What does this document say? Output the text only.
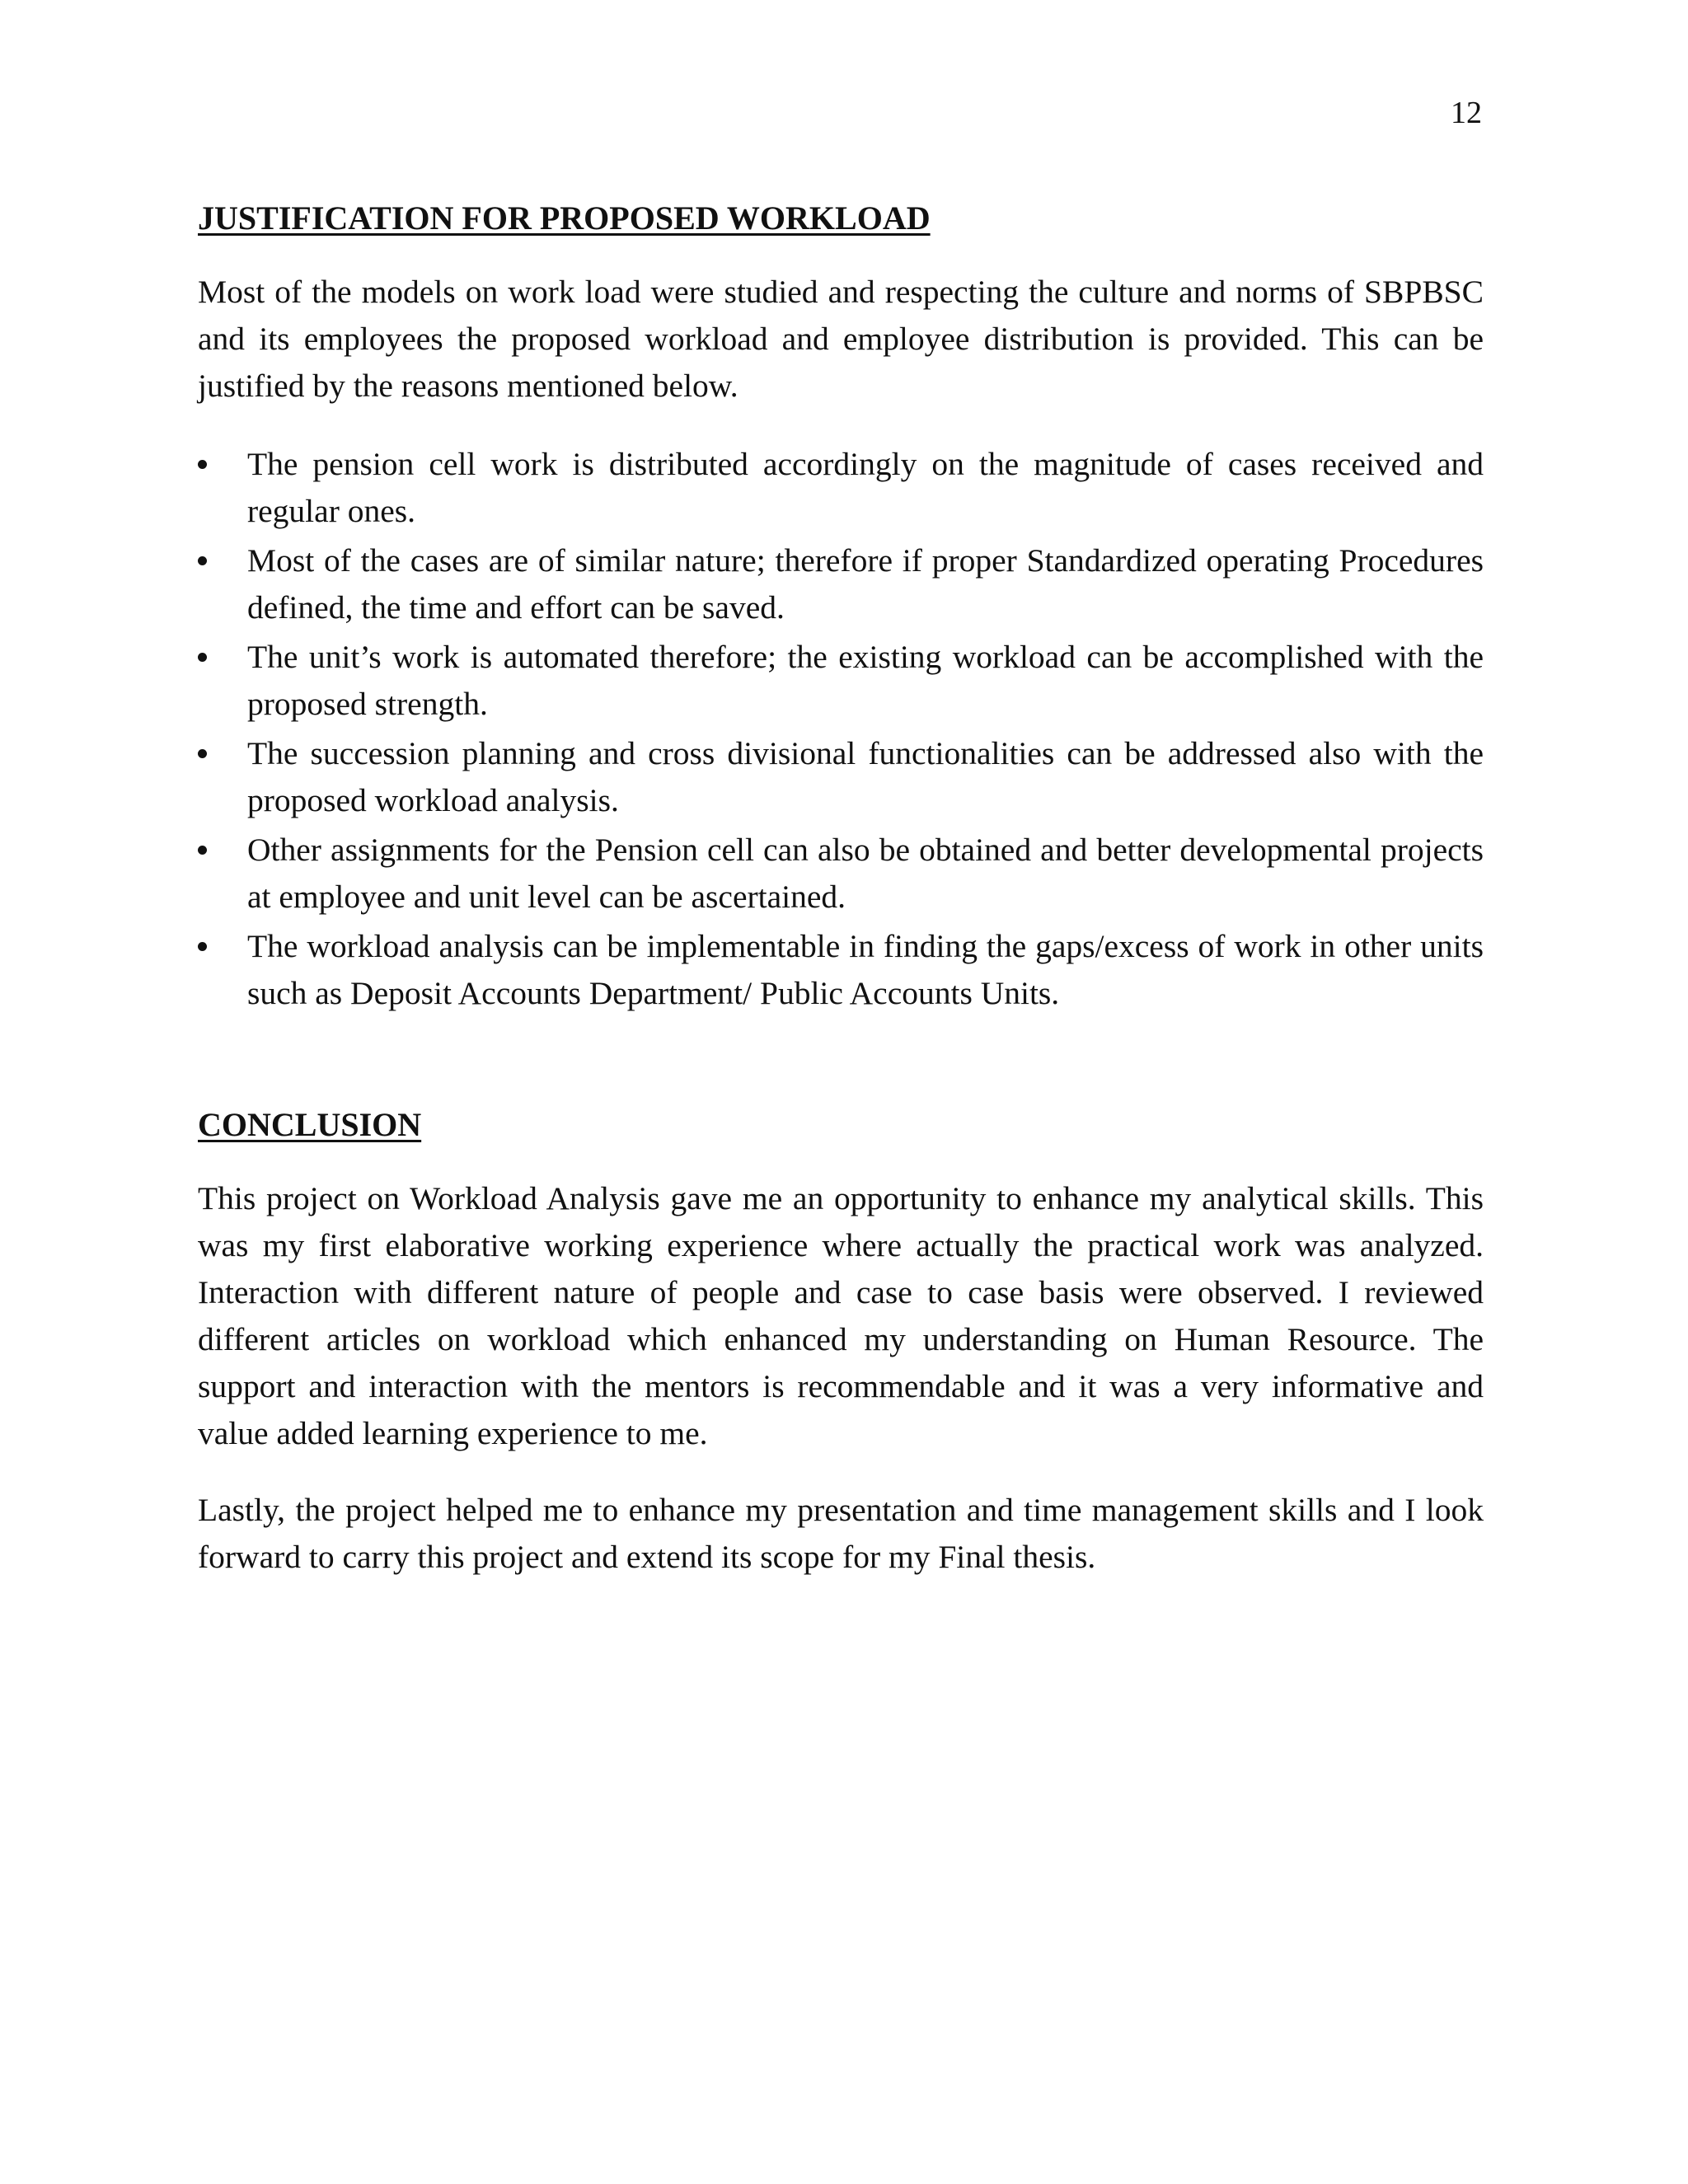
12
JUSTIFICATION FOR PROPOSED WORKLOAD

Most of the models on work load were studied and respecting the culture and norms of SBPBSC and its employees the proposed workload and employee distribution is provided. This can be justified by the reasons mentioned below.

The pension cell work is distributed accordingly on the magnitude of cases received and regular ones.
Most of the cases are of similar nature; therefore if proper Standardized operating Procedures defined, the time and effort can be saved.
The unit’s work is automated therefore; the existing workload can be accomplished with the proposed strength.
The succession planning and cross divisional functionalities can be addressed also with the proposed workload analysis.
Other assignments for the Pension cell can also be obtained and better developmental projects at employee and unit level can be ascertained.
The workload analysis can be implementable in finding the gaps/excess of work in other units such as Deposit Accounts Department/ Public Accounts Units.
CONCLUSION

This project on Workload Analysis gave me an opportunity to enhance my analytical skills. This was my first elaborative working experience where actually the practical work was analyzed. Interaction with different nature of people and case to case basis were observed. I reviewed different articles on workload which enhanced my understanding on Human Resource. The support and interaction with the mentors is recommendable and it was a very informative and value added learning experience to me.

Lastly, the project helped me to enhance my presentation and time management skills and I look forward to carry this project and extend its scope for my Final thesis.
